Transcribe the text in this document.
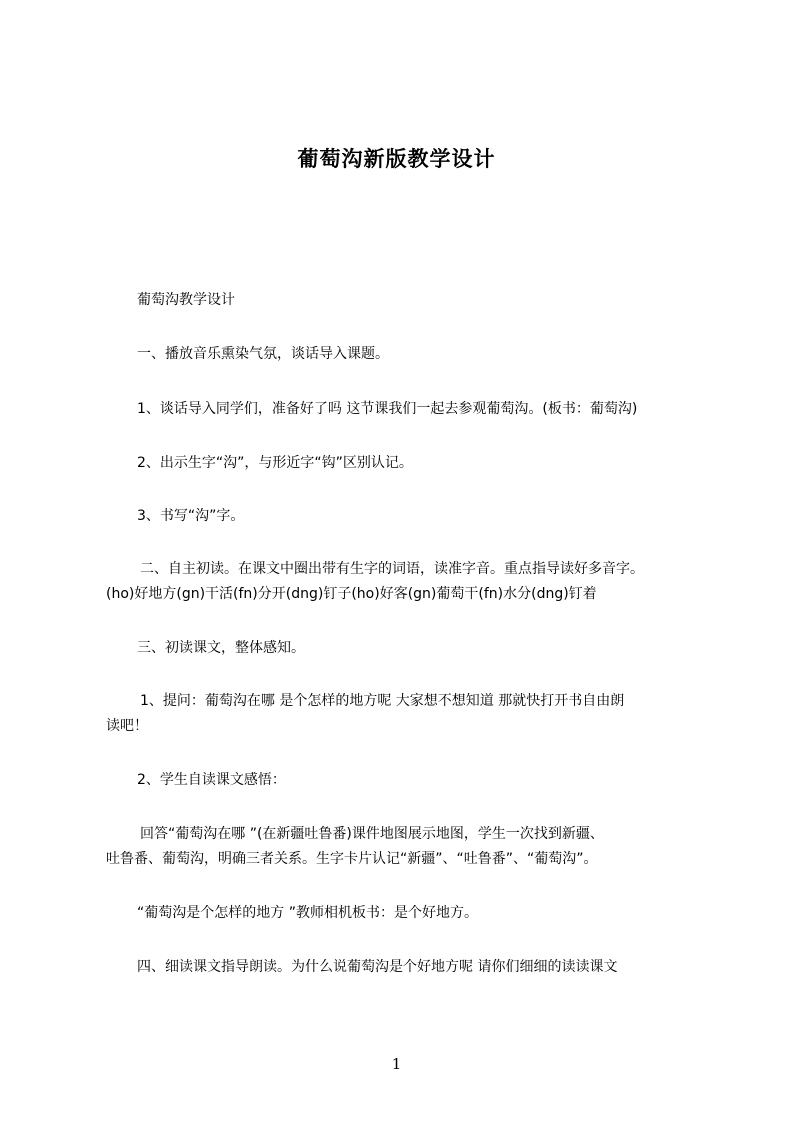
葡萄沟新版教学设计
葡萄沟教学设计
一、播放音乐熏染气氛，谈话导入课题。
1、谈话导入同学们，准备好了吗 这节课我们一起去参观葡萄沟。(板书：葡萄沟)
2、出示生字“沟”，与形近字“钩”区别认记。
3、书写“沟”字。
二、自主初读。在课文中圈出带有生字的词语，读准字音。重点指导读好多音字。
(ho)好地方(gn)干活(fn)分开(dng)钉子(ho)好客(gn)葡萄干(fn)水分(dng)钉着
三、初读课文，整体感知。
1、提问：葡萄沟在哪 是个怎样的地方呢 大家想不想知道 那就快打开书自由朗
读吧！
2、学生自读课文感悟：
回答“葡萄沟在哪 ”(在新疆吐鲁番)课件地图展示地图，学生一次找到新疆、
吐鲁番、葡萄沟，明确三者关系。生字卡片认记“新疆”、“吐鲁番”、“葡萄沟”。
“葡萄沟是个怎样的地方 ”教师相机板书：是个好地方。
四、细读课文指导朗读。为什么说葡萄沟是个好地方呢 请你们细细的读读课文
1
